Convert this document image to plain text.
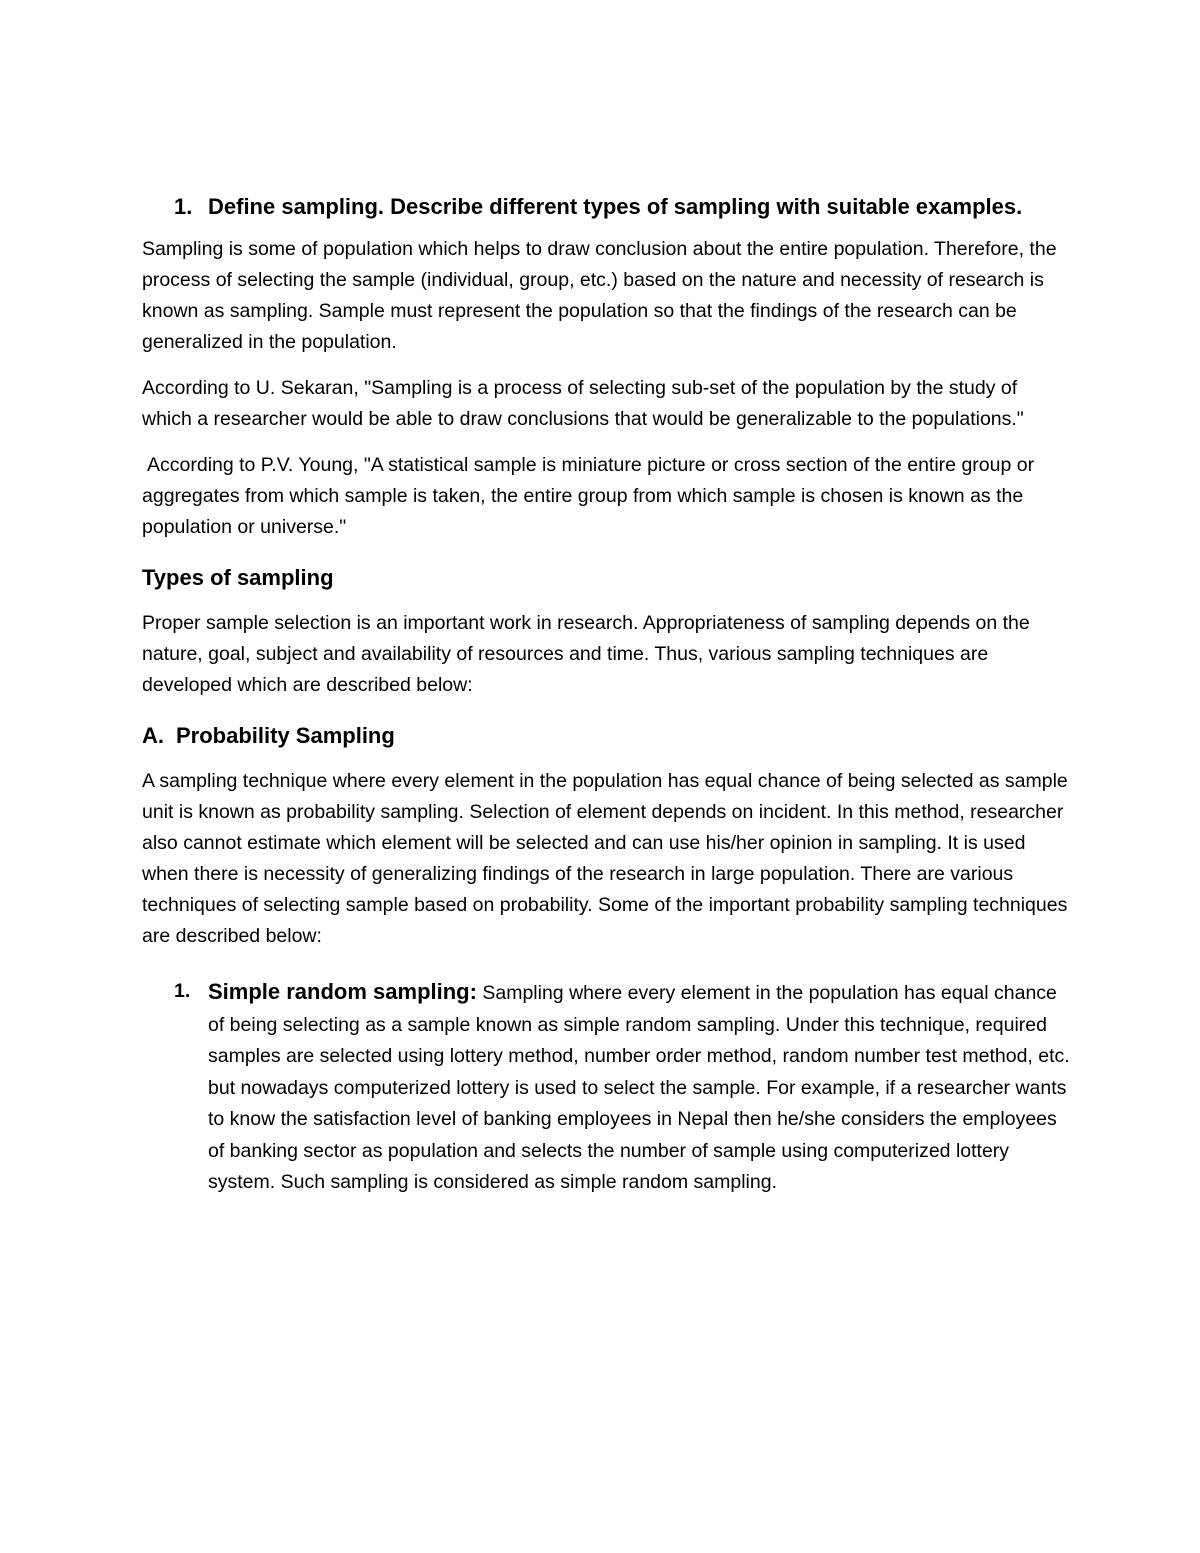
1. Define sampling. Describe different types of sampling with suitable examples.

Sampling is some of population which helps to draw conclusion about the entire population. Therefore, the process of selecting the sample (individual, group, etc.) based on the nature and necessity of research is known as sampling. Sample must represent the population so that the findings of the research can be generalized in the population.

According to U. Sekaran, "Sampling is a process of selecting sub-set of the population by the study of which a researcher would be able to draw conclusions that would be generalizable to the populations."

According to P.V. Young, "A statistical sample is miniature picture or cross section of the entire group or aggregates from which sample is taken, the entire group from which sample is chosen is known as the population or universe."

Types of sampling

Proper sample selection is an important work in research. Appropriateness of sampling depends on the nature, goal, subject and availability of resources and time. Thus, various sampling techniques are developed which are described below:

A. Probability Sampling

A sampling technique where every element in the population has equal chance of being selected as sample unit is known as probability sampling. Selection of element depends on incident. In this method, researcher also cannot estimate which element will be selected and can use his/her opinion in sampling. It is used when there is necessity of generalizing findings of the research in large population. There are various techniques of selecting sample based on probability. Some of the important probability sampling techniques are described below:

1. Simple random sampling: Sampling where every element in the population has equal chance of being selecting as a sample known as simple random sampling. Under this technique, required samples are selected using lottery method, number order method, random number test method, etc. but nowadays computerized lottery is used to select the sample. For example, if a researcher wants to know the satisfaction level of banking employees in Nepal then he/she considers the employees of banking sector as population and selects the number of sample using computerized lottery system. Such sampling is considered as simple random sampling.
